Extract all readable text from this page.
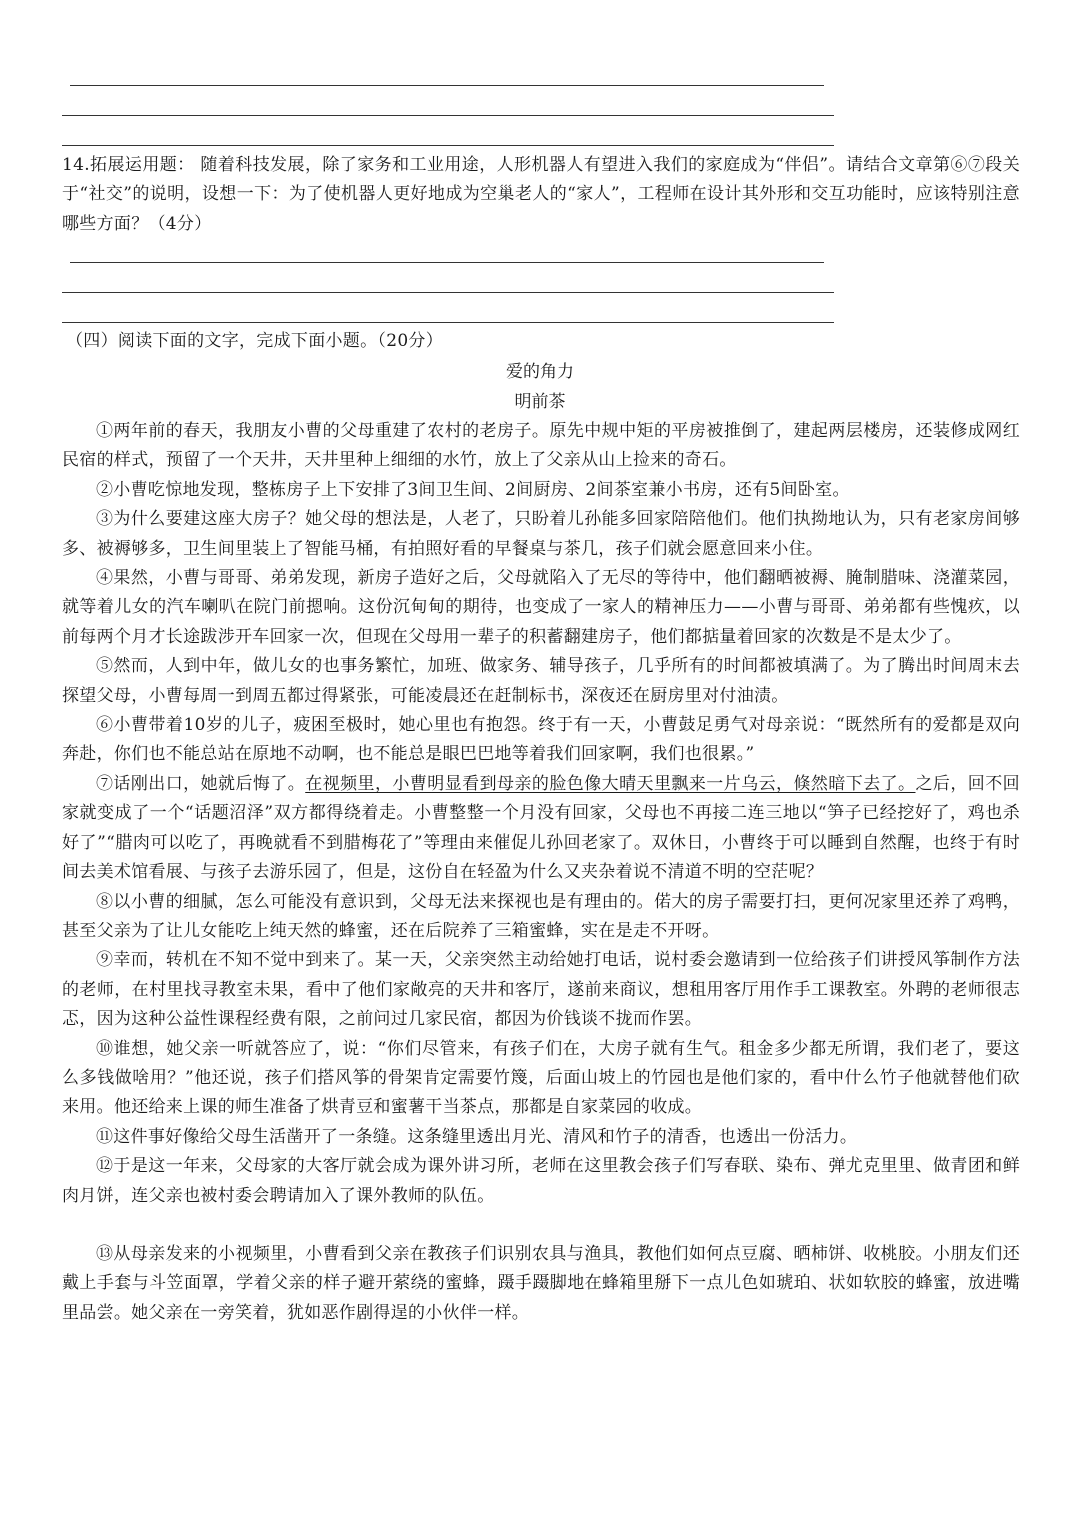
14.拓展运用题： 随着科技发展，除了家务和工业用途，人形机器人有望进入我们的家庭成为“伴侣”。请结合文章第⑥⑦段关于“社交”的说明，设想一下：为了使机器人更好地成为空巢老人的“家人”，工程师在设计其外形和交互功能时，应该特别注意哪些方面？（4分）

（四）阅读下面的文字，完成下面小题。（20分）

爱的角力

明前茶

①两年前的春天，我朋友小曹的父母重建了农村的老房子。原先中规中矩的平房被推倒了，建起两层楼房，还装修成网红民宿的样式，预留了一个天井，天井里种上细细的水竹，放上了父亲从山上捡来的奇石。

②小曹吃惊地发现，整栋房子上下安排了3间卫生间、2间厨房、2间茶室兼小书房，还有5间卧室。

③为什么要建这座大房子？她父母的想法是，人老了，只盼着儿孙能多回家陪陪他们。他们执拗地认为，只有老家房间够多、被褥够多，卫生间里装上了智能马桶，有拍照好看的早餐桌与茶几，孩子们就会愿意回来小住。

④果然，小曹与哥哥、弟弟发现，新房子造好之后，父母就陷入了无尽的等待中，他们翻晒被褥、腌制腊味、浇灌菜园，就等着儿女的汽车喇叭在院门前摁响。这份沉甸甸的期待，也变成了一家人的精神压力——小曹与哥哥、弟弟都有些愧疚，以前每两个月才长途跋涉开车回家一次，但现在父母用一辈子的积蓄翻建房子，他们都掂量着回家的次数是不是太少了。

⑤然而，人到中年，做儿女的也事务繁忙，加班、做家务、辅导孩子，几乎所有的时间都被填满了。为了腾出时间周末去探望父母，小曹每周一到周五都过得紧张，可能凌晨还在赶制标书，深夜还在厨房里对付油渍。

⑥小曹带着10岁的儿子，疲困至极时，她心里也有抱怨。终于有一天，小曹鼓足勇气对母亲说：“既然所有的爱都是双向奔赴，你们也不能总站在原地不动啊，也不能总是眼巴巴地等着我们回家啊，我们也很累。”

⑦话刚出口，她就后悔了。在视频里，小曹明显看到母亲的脸色像大晴天里飘来一片乌云，倏然暗下去了。之后，回不回家就变成了一个“话题沼泽”双方都得绕着走。小曹整整一个月没有回家，父母也不再接二连三地以“笋子已经挖好了，鸡也杀好了”“腊肉可以吃了，再晚就看不到腊梅花了”等理由来催促儿孙回老家了。双休日，小曹终于可以睡到自然醒，也终于有时间去美术馆看展、与孩子去游乐园了，但是，这份自在轻盈为什么又夹杂着说不清道不明的空茫呢？

⑧以小曹的细腻，怎么可能没有意识到，父母无法来探视也是有理由的。偌大的房子需要打扫，更何况家里还养了鸡鸭，甚至父亲为了让儿女能吃上纯天然的蜂蜜，还在后院养了三箱蜜蜂，实在是走不开呀。

⑨幸而，转机在不知不觉中到来了。某一天，父亲突然主动给她打电话，说村委会邀请到一位给孩子们讲授风筝制作方法的老师，在村里找寻教室未果，看中了他们家敞亮的天井和客厅，遂前来商议，想租用客厅用作手工课教室。外聘的老师很志忑，因为这种公益性课程经费有限，之前问过几家民宿，都因为价钱谈不拢而作罢。

⑩谁想，她父亲一听就答应了，说：“你们尽管来，有孩子们在，大房子就有生气。租金多少都无所谓，我们老了，要这么多钱做啥用？”他还说，孩子们搭风筝的骨架肯定需要竹篾，后面山坡上的竹园也是他们家的，看中什么竹子他就替他们砍来用。他还给来上课的师生准备了烘青豆和蜜薯干当茶点，那都是自家菜园的收成。

⑪这件事好像给父母生活凿开了一条缝。这条缝里透出月光、清风和竹子的清香，也透出一份活力。

⑫于是这一年来，父母家的大客厅就会成为课外讲习所，老师在这里教会孩子们写春联、染布、弹尤克里里、做青团和鲜肉月饼，连父亲也被村委会聘请加入了课外教师的队伍。

⑬从母亲发来的小视频里，小曹看到父亲在教孩子们识别农具与渔具，教他们如何点豆腐、晒柿饼、收桃胶。小朋友们还戴上手套与斗笠面罩，学着父亲的样子避开萦绕的蜜蜂，蹑手蹑脚地在蜂箱里掰下一点儿色如琥珀、状如软胶的蜂蜜，放进嘴里品尝。她父亲在一旁笑着，犹如恶作剧得逞的小伙伴一样。
